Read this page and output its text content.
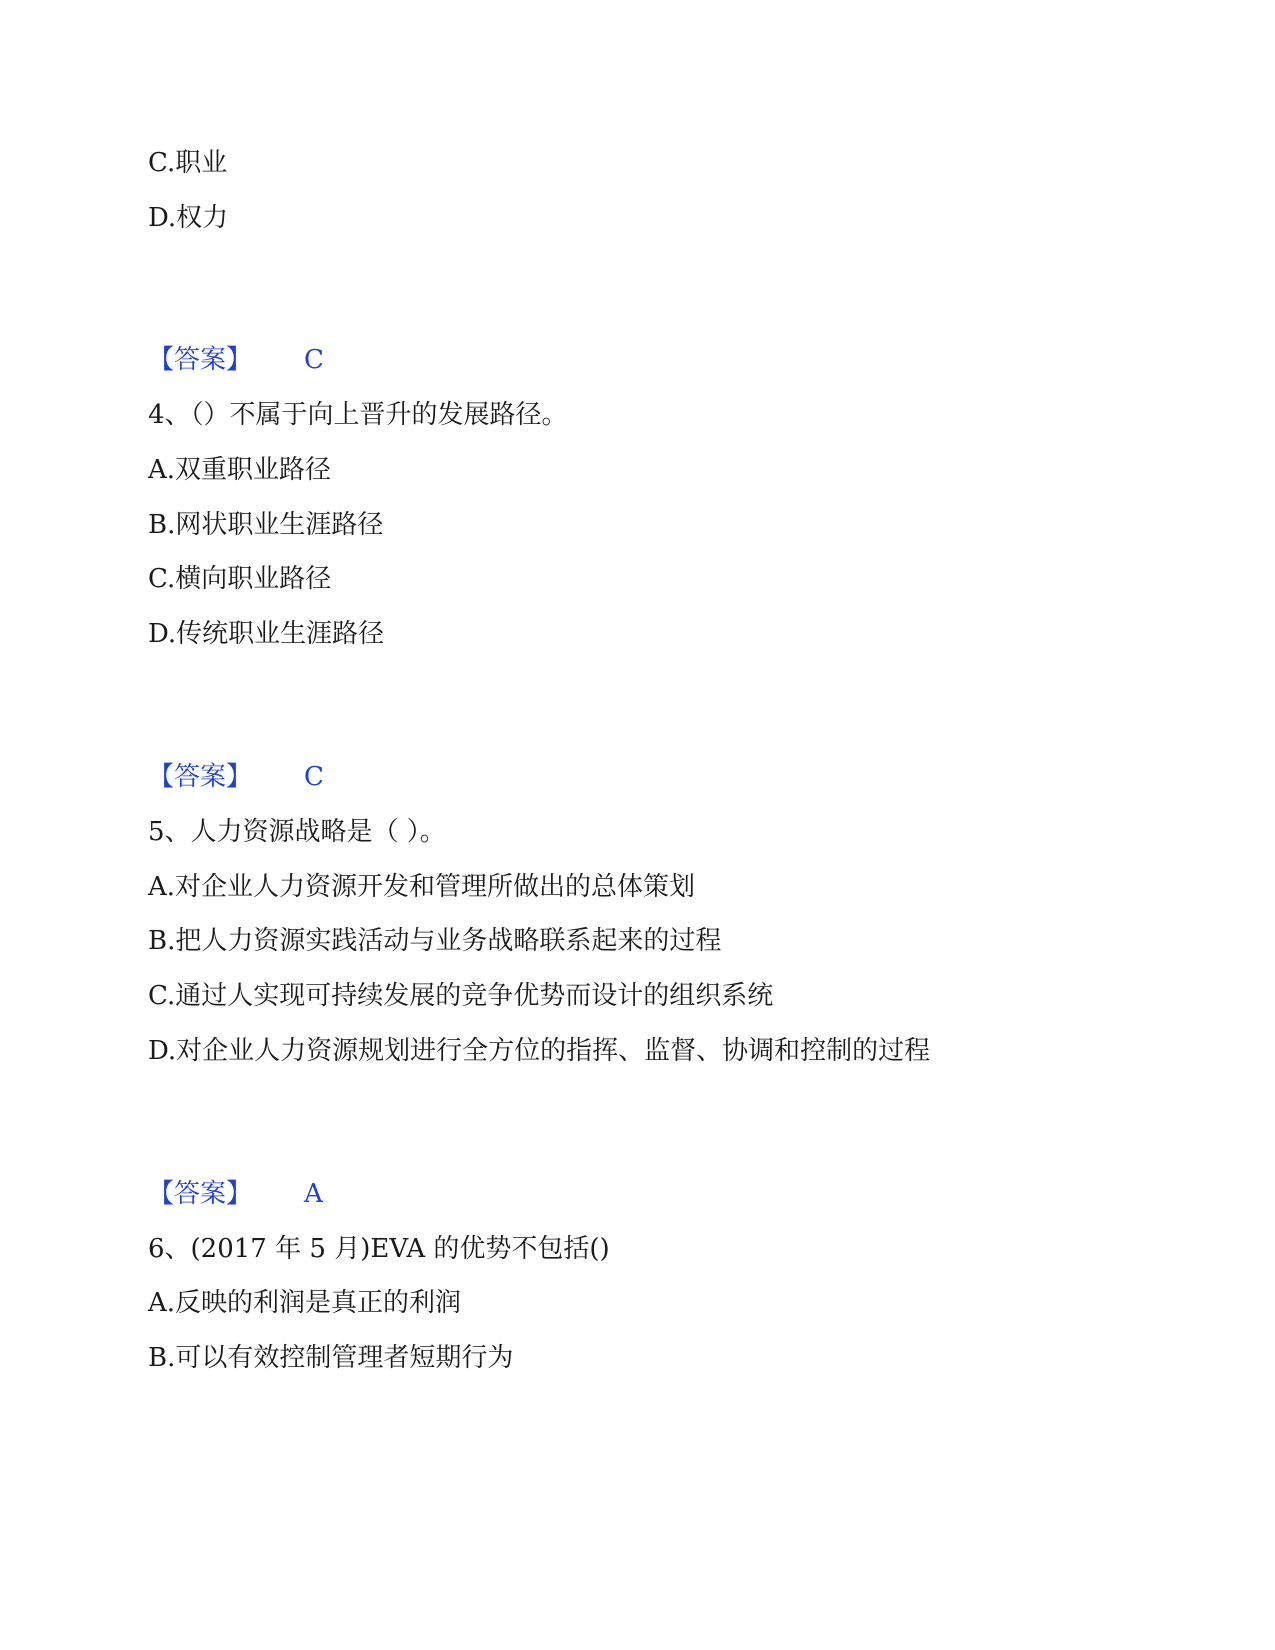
C.职业
D.权力
【答案】 C
4、（）不属于向上晋升的发展路径。
A.双重职业路径
B.网状职业生涯路径
C.横向职业路径
D.传统职业生涯路径
【答案】 C
5、人力资源战略是（ ）。
A.对企业人力资源开发和管理所做出的总体策划
B.把人力资源实践活动与业务战略联系起来的过程
C.通过人实现可持续发展的竞争优势而设计的组织系统
D.对企业人力资源规划进行全方位的指挥、监督、协调和控制的过程
【答案】 A
6、(2017 年 5 月)EVA 的优势不包括()
A.反映的利润是真正的利润
B.可以有效控制管理者短期行为
